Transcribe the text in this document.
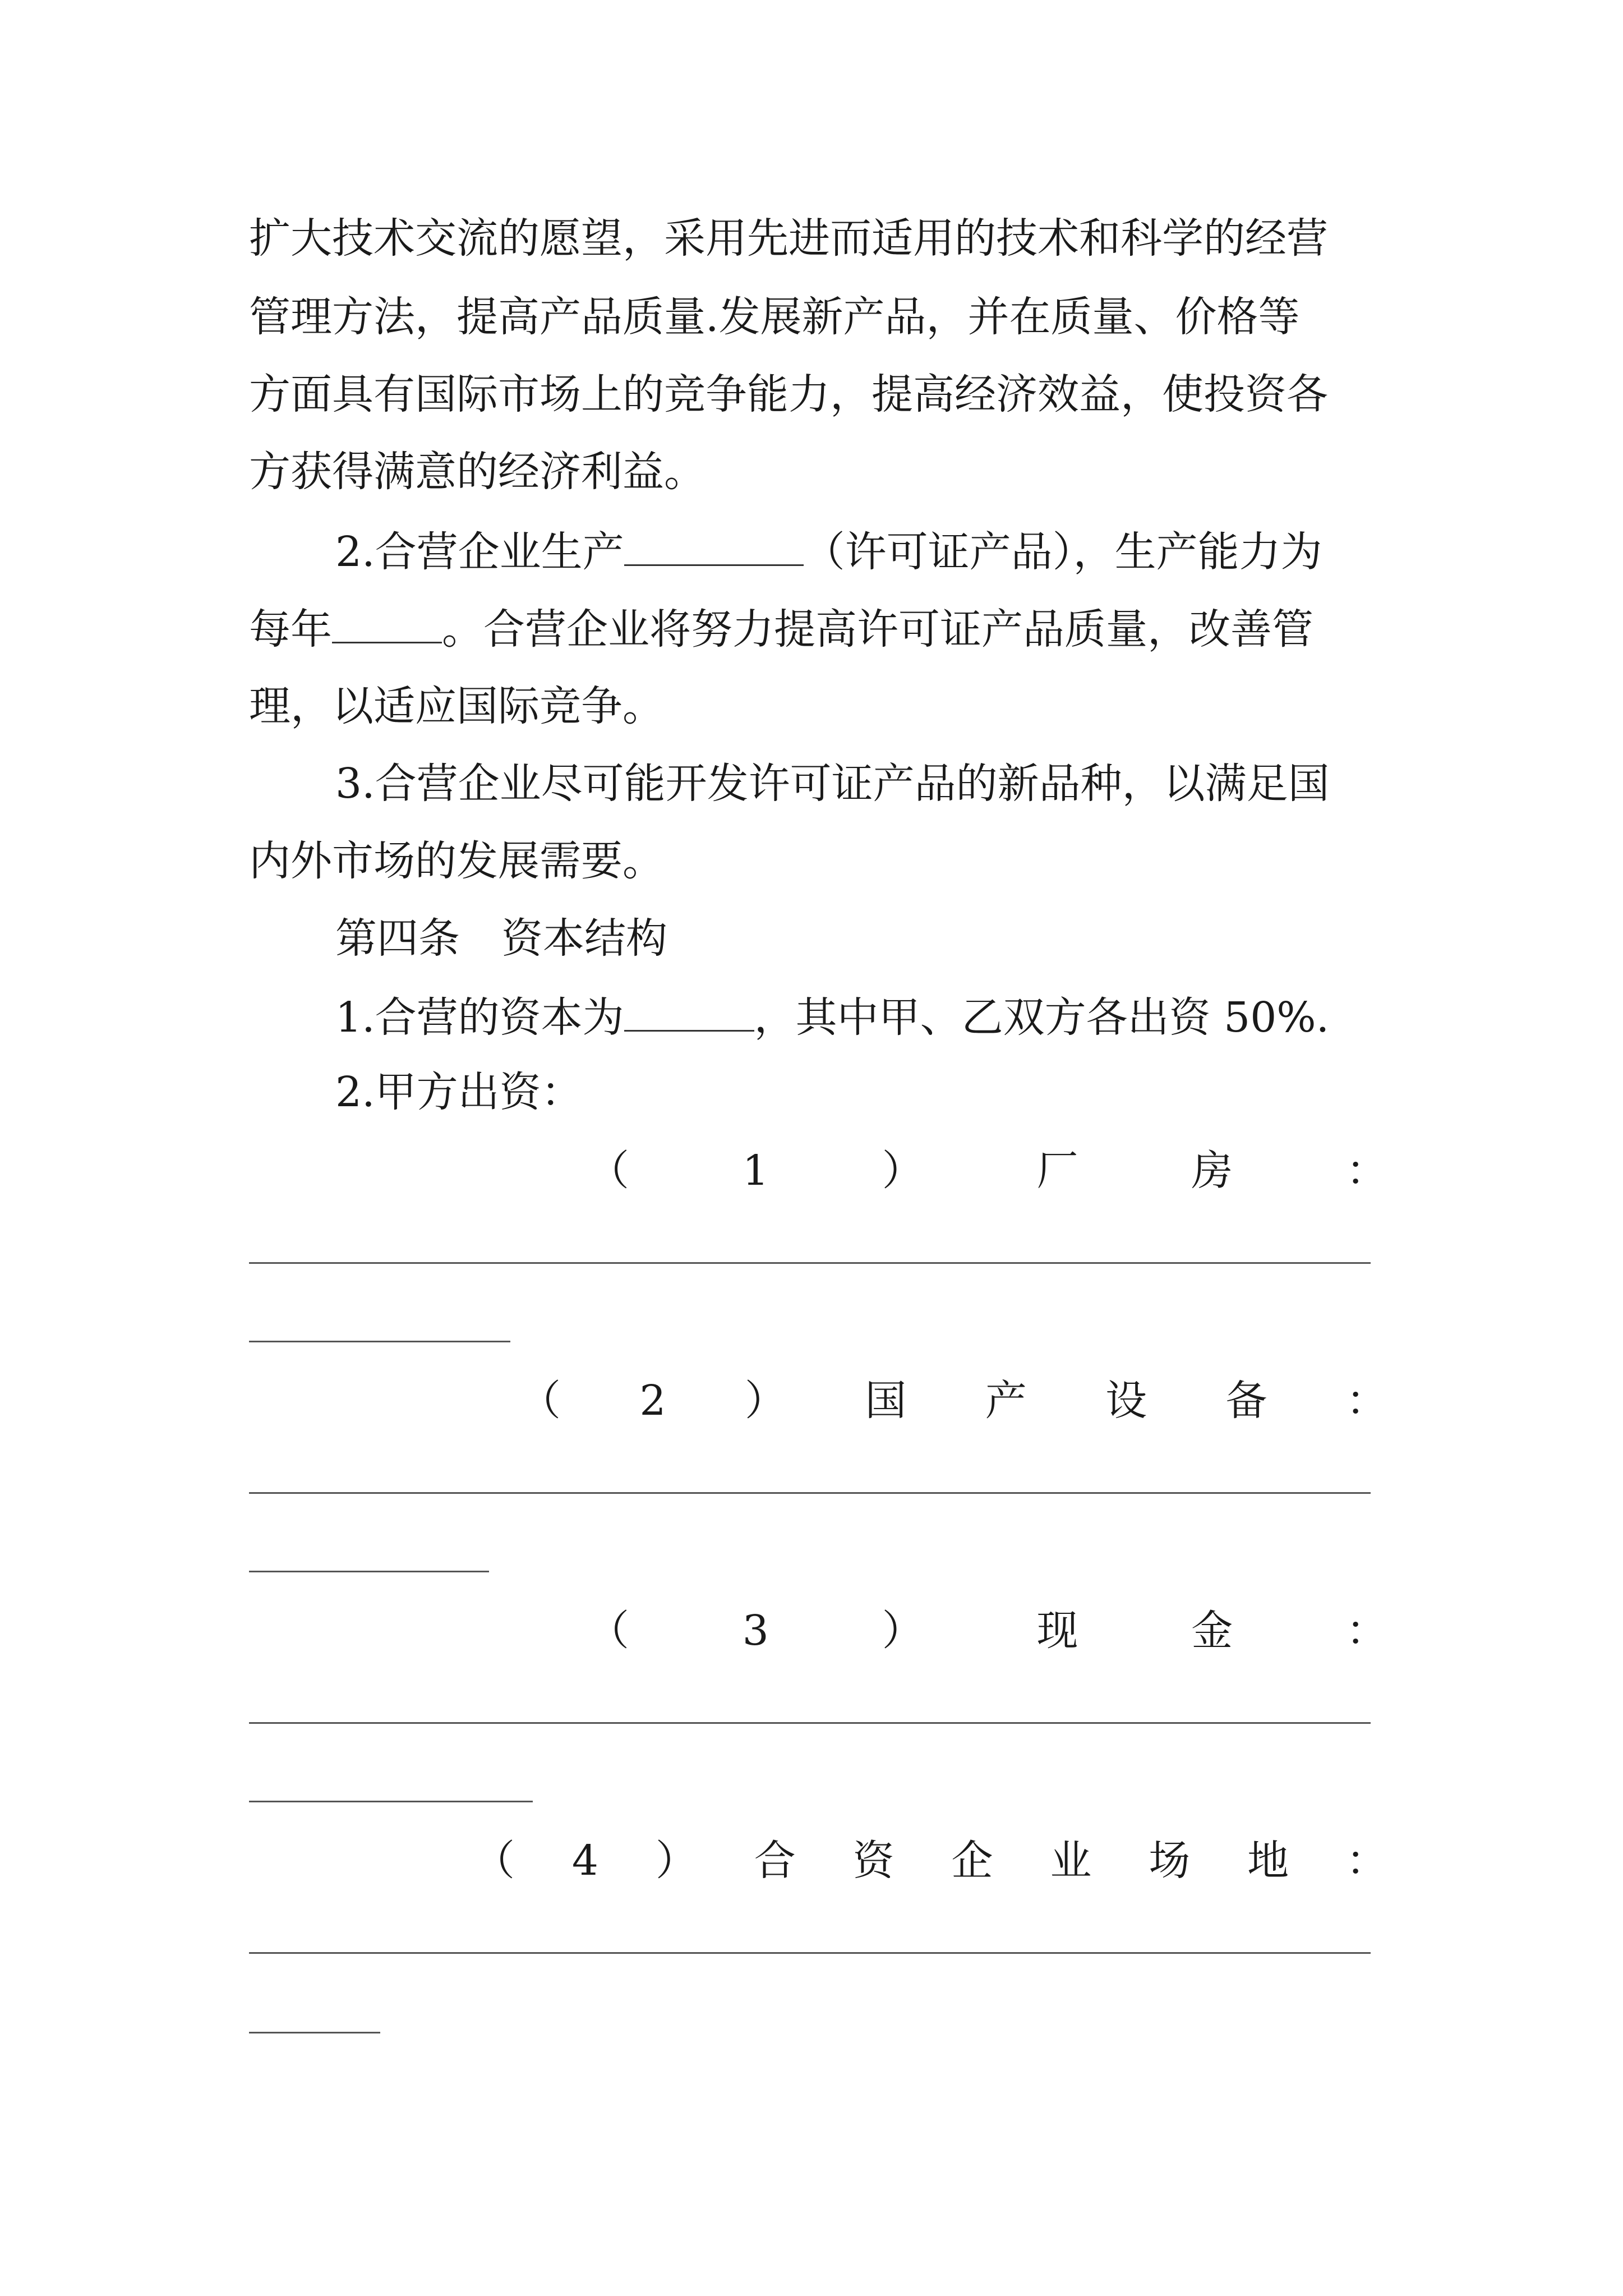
扩大技术交流的愿望，采用先进而适用的技术和科学的经营
管理方法，提高产品质量.发展新产品，并在质量、价格等
方面具有国际市场上的竞争能力，提高经济效益，使投资各
方获得满意的经济利益。
2.合营企业生产	（许可证产品），生产能力为
每年	。合营企业将努力提高许可证产品质量，改善管
理，以适应国际竞争。
3.合营企业尽可能开发许可证产品的新品种，以满足国
内外市场的发展需要。
第四条　资本结构
1.合营的资本为	，其中甲、乙双方各出资 50%.
2.甲方出资：
（	1	）	厂	房	：
（ 2 ） 国 产 设 备 ：
（	3	）	现	金	：
（ 4 ） 合 资 企 业 场 地 ：
